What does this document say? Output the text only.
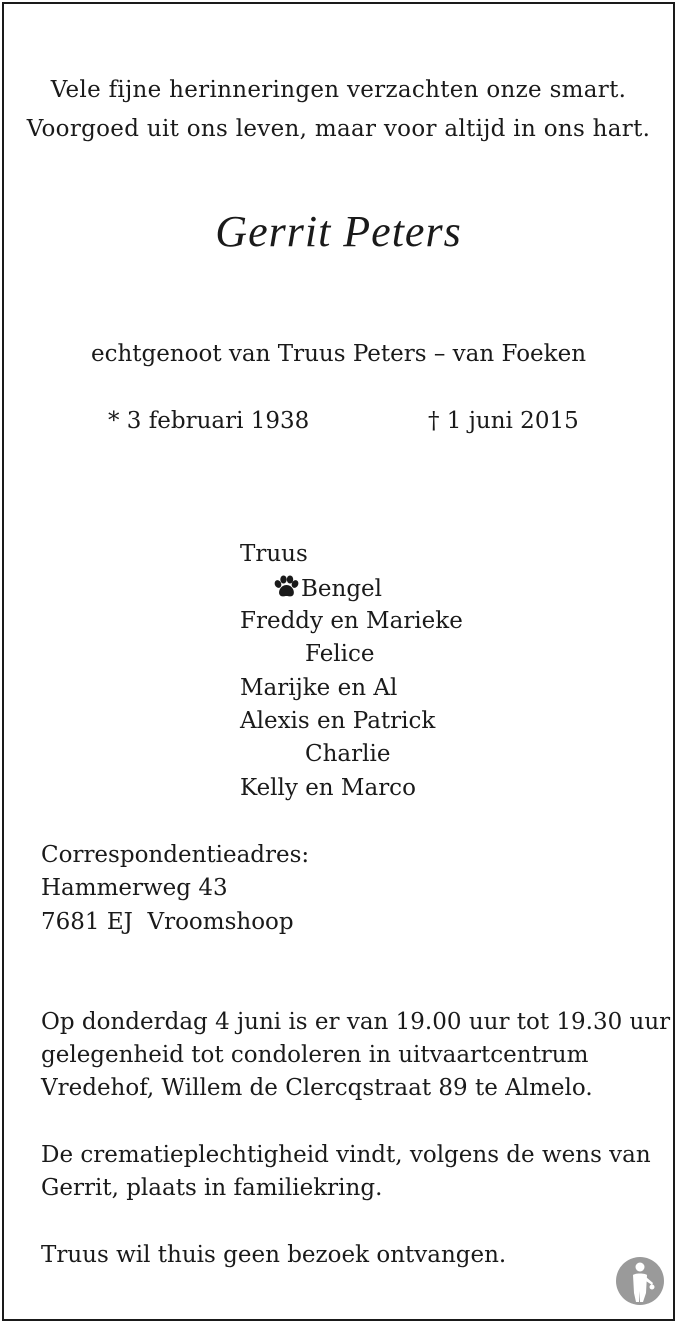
Vele fijne herinneringen verzachten onze smart.
Voorgoed uit ons leven, maar voor altijd in ons hart.
Gerrit Peters
echtgenoot van Truus Peters – van Foeken
* 3 februari 1938	† 1 juni 2015
Truus
Bengel
Freddy en Marieke
Felice
Marijke en Al
Alexis en Patrick
Charlie
Kelly en Marco
Correspondentieadres:
Hammerweg 43
7681 EJ  Vroomshoop
Op donderdag 4 juni is er van 19.00 uur tot 19.30 uur
gelegenheid tot condoleren in uitvaartcentrum
Vredehof, Willem de Clercqstraat 89 te Almelo.
De crematieplechtigheid vindt, volgens de wens van
Gerrit, plaats in familiekring.
Truus wil thuis geen bezoek ontvangen.
